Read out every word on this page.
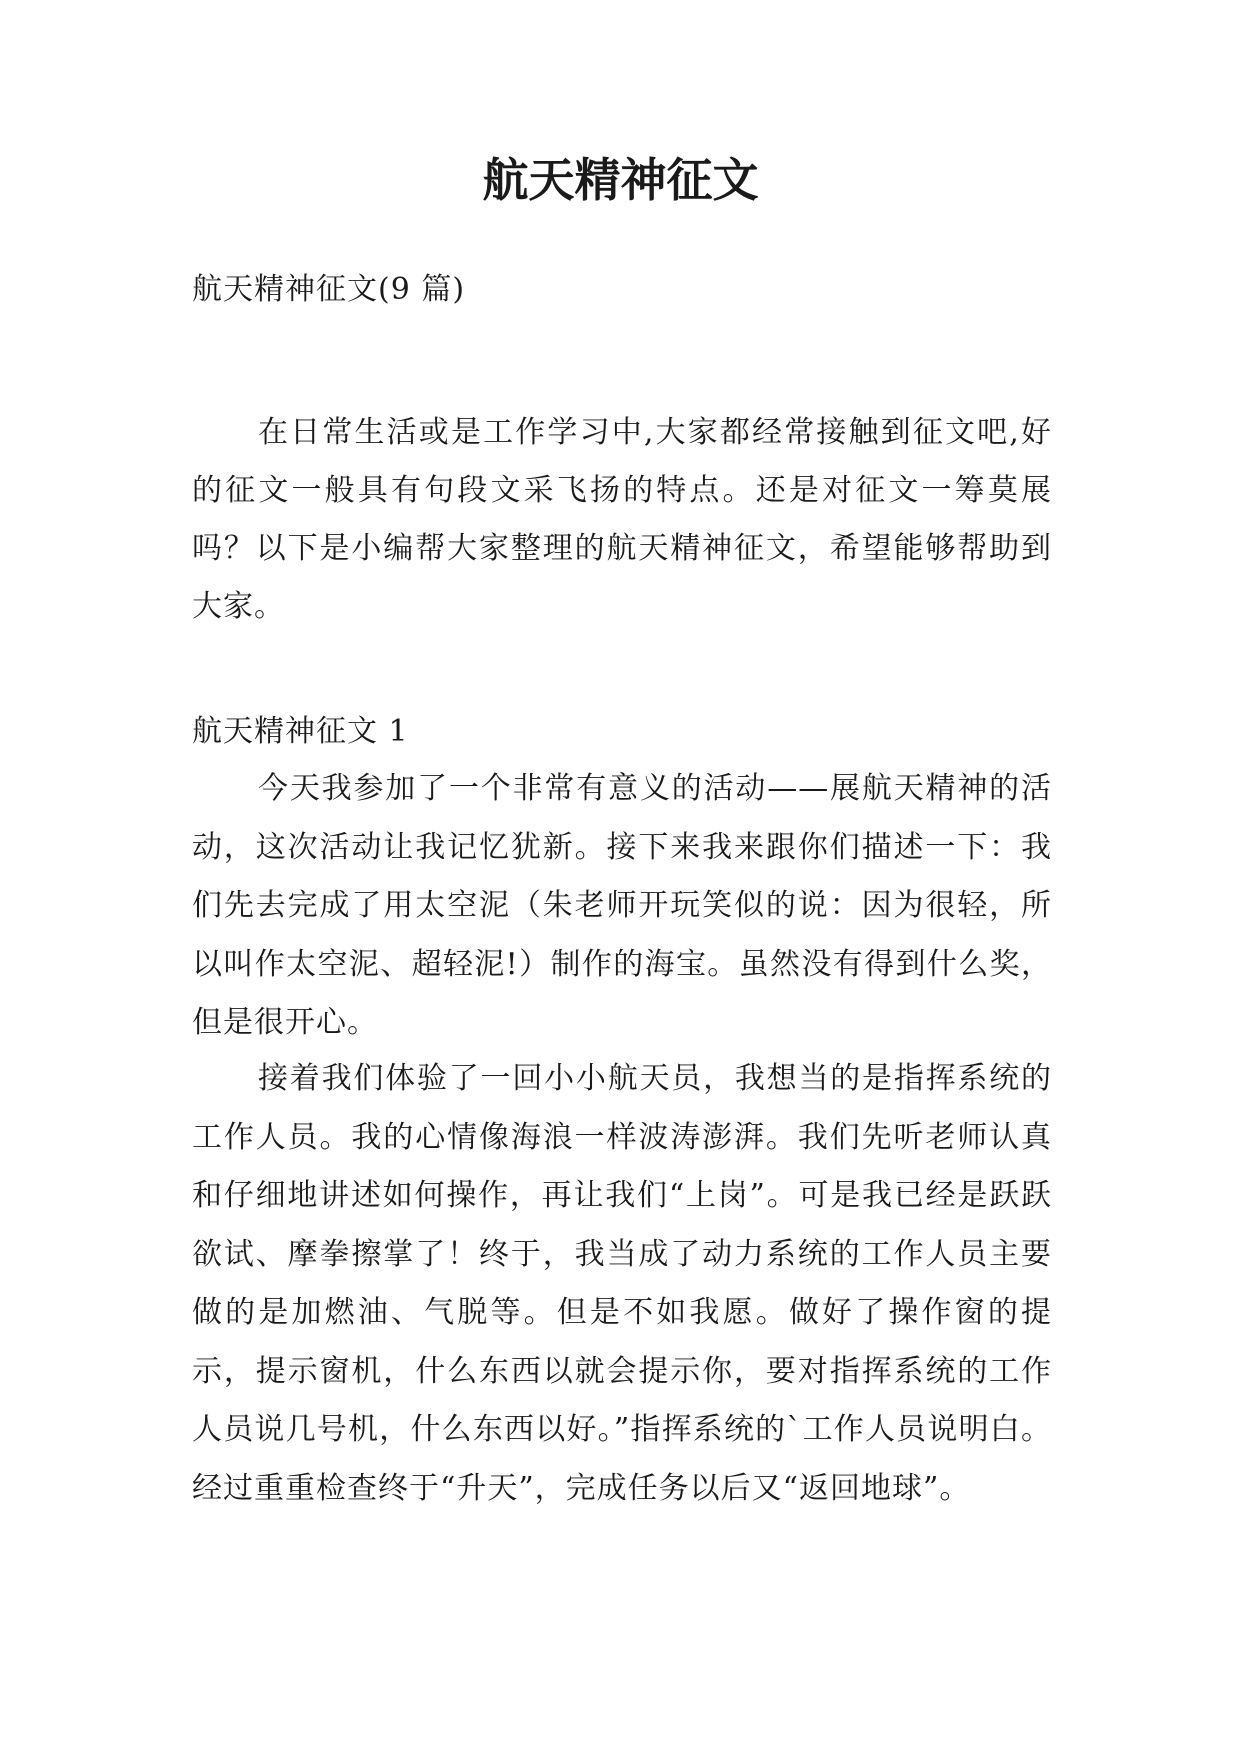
航天精神征文

航天精神征文(9 篇)

在日常生活或是工作学习中,大家都经常接触到征文吧,好的征文一般具有句段文采飞扬的特点。还是对征文一筹莫展吗？以下是小编帮大家整理的航天精神征文，希望能够帮助到大家。

航天精神征文 1

今天我参加了一个非常有意义的活动——展航天精神的活动，这次活动让我记忆犹新。接下来我来跟你们描述一下：我们先去完成了用太空泥（朱老师开玩笑似的说：因为很轻，所以叫作太空泥、超轻泥!）制作的海宝。虽然没有得到什么奖，但是很开心。

接着我们体验了一回小小航天员，我想当的是指挥系统的工作人员。我的心情像海浪一样波涛澎湃。我们先听老师认真和仔细地讲述如何操作，再让我们“上岗”。可是我已经是跃跃欲试、摩拳擦掌了！终于，我当成了动力系统的工作人员主要做的是加燃油、气脱等。但是不如我愿。做好了操作窗的提示，提示窗机，什么东西以就会提示你，要对指挥系统的工作人员说几号机，什么东西以好。”指挥系统的`工作人员说明白。经过重重检查终于“升天”，完成任务以后又“返回地球”。
